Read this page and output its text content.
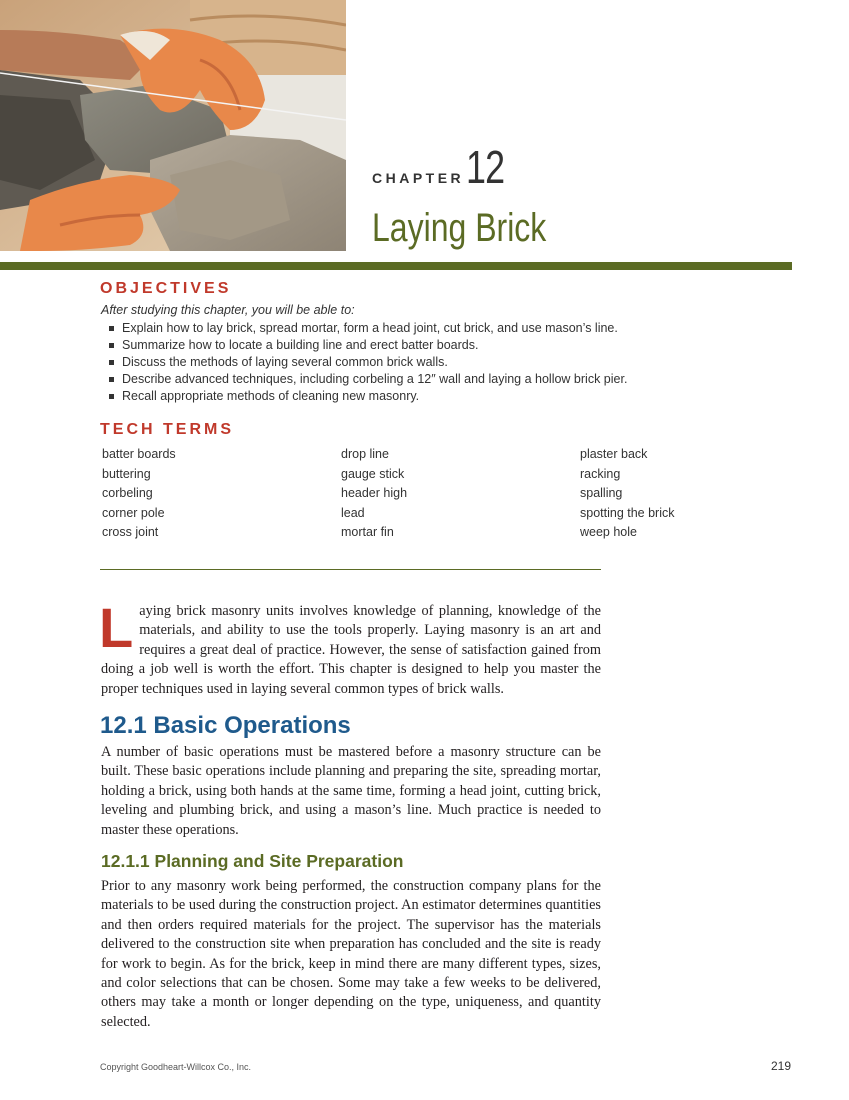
CHAPTER 12
Laying Brick
OBJECTIVES
After studying this chapter, you will be able to:
Explain how to lay brick, spread mortar, form a head joint, cut brick, and use mason’s line.
Summarize how to locate a building line and erect batter boards.
Discuss the methods of laying several common brick walls.
Describe advanced techniques, including corbeling a 12″ wall and laying a hollow brick pier.
Recall appropriate methods of cleaning new masonry.
TECH TERMS
batter boards
buttering
corbeling
corner pole
cross joint
drop line
gauge stick
header high
lead
mortar fin
plaster back
racking
spalling
spotting the brick
weep hole

Laying brick masonry units involves knowledge of planning, knowledge of the materials, and ability to use the tools properly. Laying masonry is an art and requires a great deal of practice. However, the sense of satisfaction gained from doing a job well is worth the effort. This chapter is designed to help you master the proper techniques used in laying several common types of brick walls.

12.1 Basic Operations

A number of basic operations must be mastered before a masonry structure can be built. These basic operations include planning and preparing the site, spreading mortar, holding a brick, using both hands at the same time, forming a head joint, cutting brick, leveling and plumbing brick, and using a mason’s line. Much practice is needed to master these operations.

12.1.1 Planning and Site Preparation

Prior to any masonry work being performed, the construction company plans for the materials to be used during the construction project. An estimator determines quantities and then orders required materials for the project. The supervisor has the materials delivered to the construction site when preparation has concluded and the site is ready for work to begin. As for the brick, keep in mind there are many different types, sizes, and color selections that can be chosen. Some may take a few weeks to be delivered, others may take a month or longer depending on the type, uniqueness, and quantity selected.

Copyright Goodheart-Willcox Co., Inc.	219
